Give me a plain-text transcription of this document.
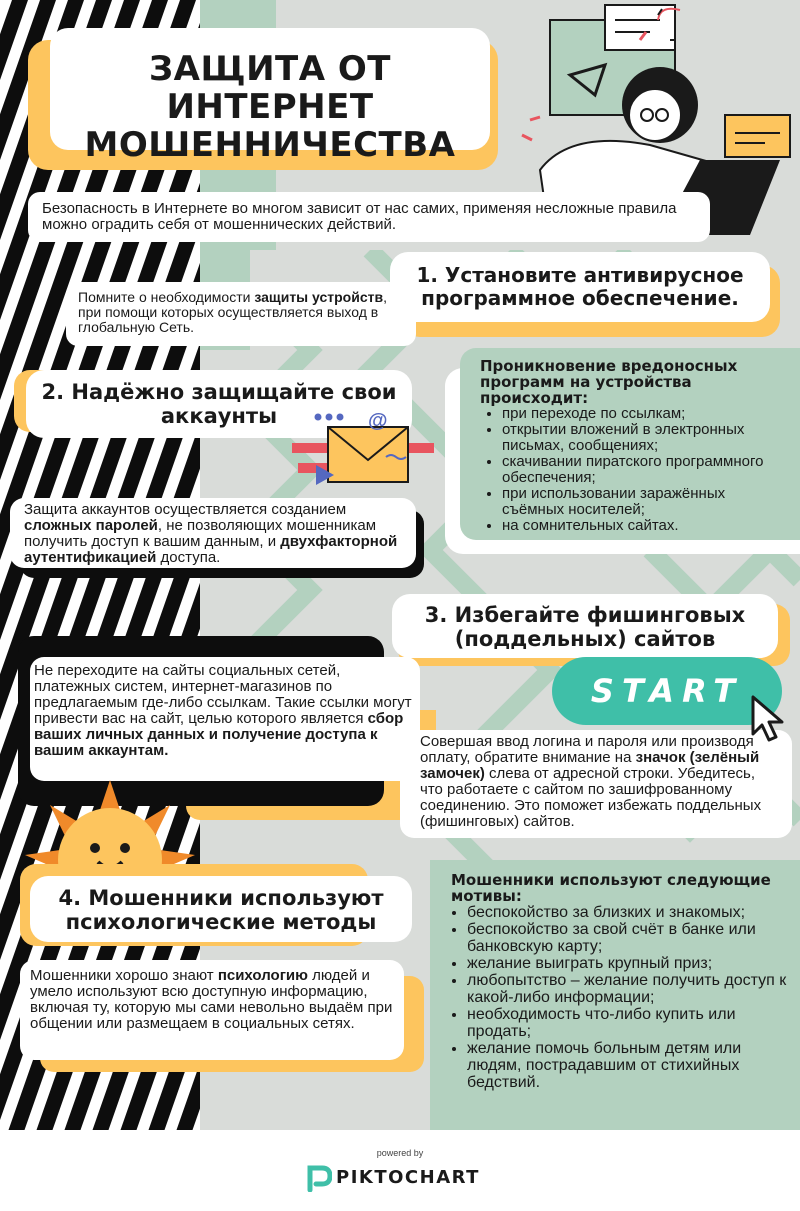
ЗАЩИТА ОТ ИНТЕРНЕТ
МОШЕННИЧЕСТВА
Безопасность в Интернете во многом зависит от нас самих, применяя несложные правила можно оградить себя от мошеннических действий.
1. Установите антивирусное
программное обеспечение.
Помните о необходимости защиты устройств, при помощи которых осуществляется выход в глобальную Сеть.
Проникновение вредоносных программ на устройства происходит:
• при переходе по ссылкам;
• открытии вложений в электронных письмах, сообщениях;
• скачивании пиратского программного обеспечения;
• при использовании заражённых съёмных носителей;
• на сомнительных сайтах.
2. Надёжно защищайте свои
аккаунты	@
Защита аккаунтов осуществляется созданием сложных паролей, не позволяющих мошенникам получить доступ к вашим данным, и двухфакторной аутентификацией доступа.
3. Избегайте фишинговых
(поддельных) сайтов
Не переходите на сайты социальных сетей, платежных систем, интернет-магазинов по предлагаемым где-либо ссылкам. Такие ссылки могут привести вас на сайт, целью которого является сбор ваших личных данных и получение доступа к вашим аккаунтам.
Совершая ввод логина и пароля или производя оплату, обратите внимание на значок (зелёный замочек) слева от адресной строки. Убедитесь, что работаете с сайтом по зашифрованному соединению. Это поможет избежать поддельных (фишинговых) сайтов.
START
4. Мошенники используют
психологические методы
Мошенники хорошо знают психологию людей и умело используют всю доступную информацию, включая ту, которую мы сами невольно выдаём при общении или размещаем в социальных сетях.
Мошенники используют следующие мотивы:
• беспокойство за близких и знакомых;
• беспокойство за свой счёт в банке или банковскую карту;
• желание выиграть крупный приз;
• любопытство – желание получить доступ к какой-либо информации;
• необходимость что-либо купить или продать;
• желание помочь больным детям или людям, пострадавшим от стихийных бедствий.
powered by
PIKTOCHART
